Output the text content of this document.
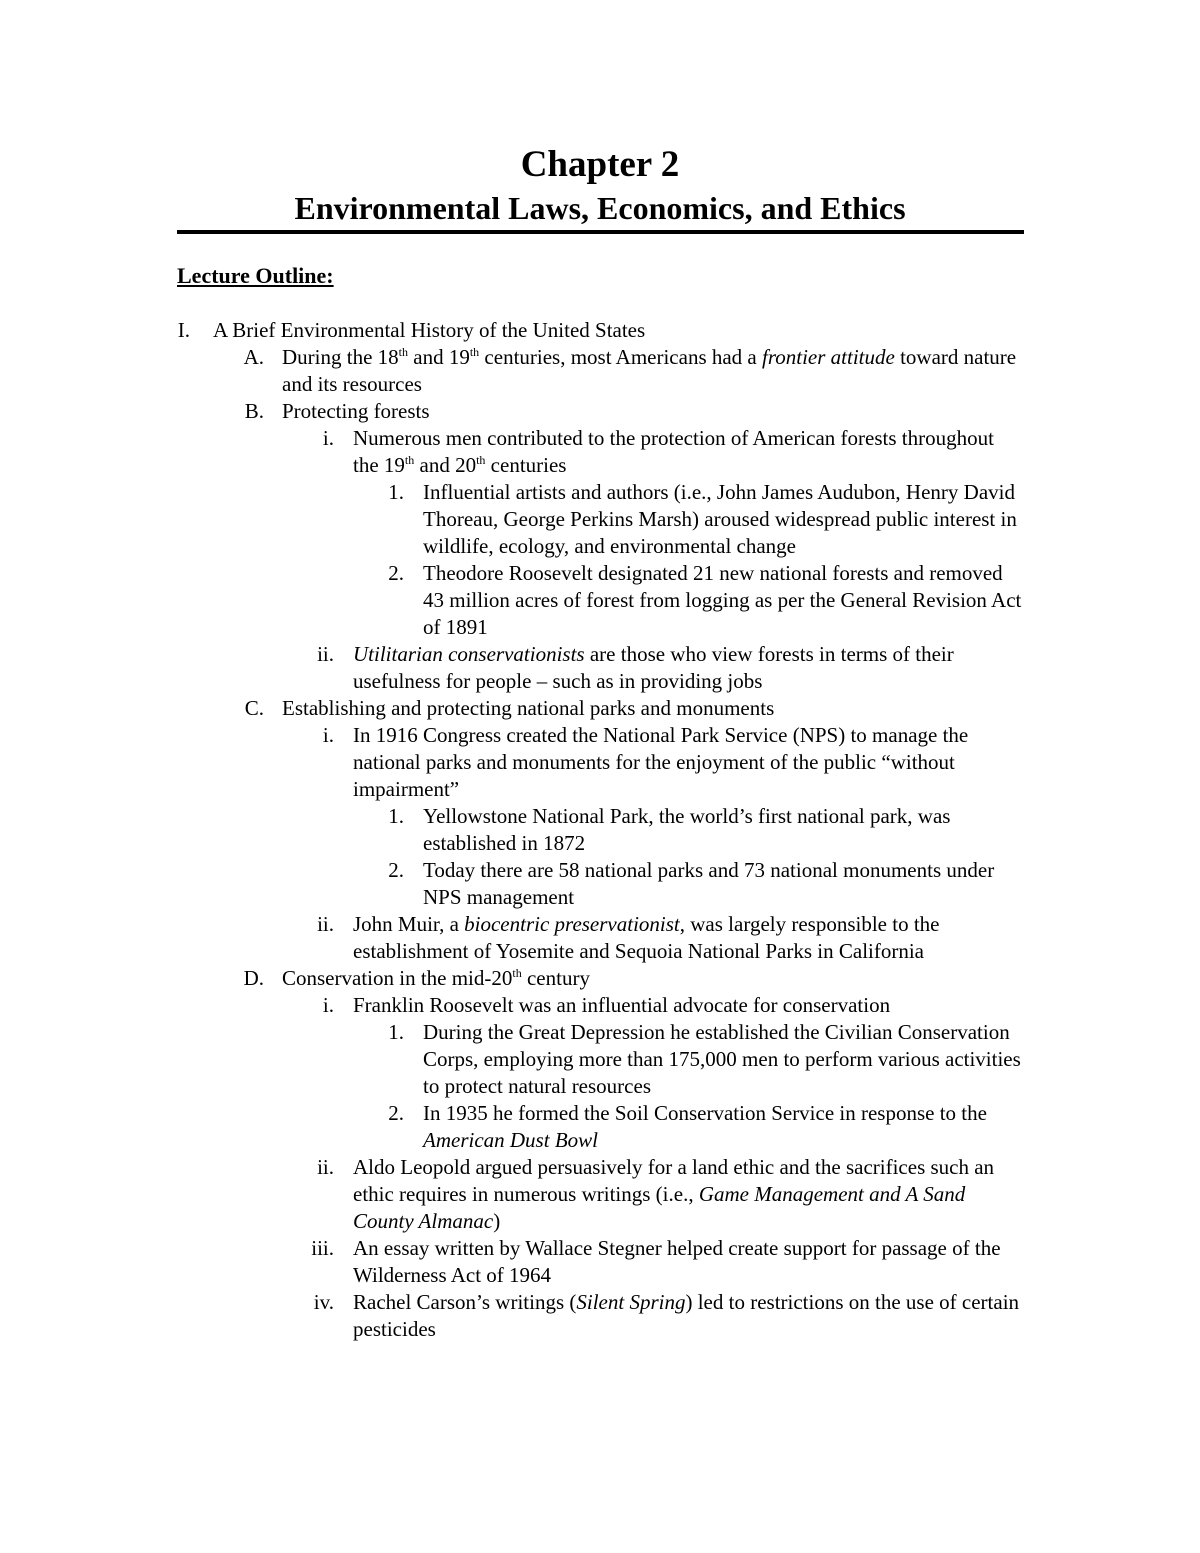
Chapter 2
Environmental Laws, Economics, and Ethics
Lecture Outline:
I. A Brief Environmental History of the United States
A. During the 18th and 19th centuries, most Americans had a frontier attitude toward nature and its resources
B. Protecting forests
i. Numerous men contributed to the protection of American forests throughout the 19th and 20th centuries
1. Influential artists and authors (i.e., John James Audubon, Henry David Thoreau, George Perkins Marsh) aroused widespread public interest in wildlife, ecology, and environmental change
2. Theodore Roosevelt designated 21 new national forests and removed 43 million acres of forest from logging as per the General Revision Act of 1891
ii. Utilitarian conservationists are those who view forests in terms of their usefulness for people – such as in providing jobs
C. Establishing and protecting national parks and monuments
i. In 1916 Congress created the National Park Service (NPS) to manage the national parks and monuments for the enjoyment of the public “without impairment”
1. Yellowstone National Park, the world’s first national park, was established in 1872
2. Today there are 58 national parks and 73 national monuments under NPS management
ii. John Muir, a biocentric preservationist, was largely responsible to the establishment of Yosemite and Sequoia National Parks in California
D. Conservation in the mid-20th century
i. Franklin Roosevelt was an influential advocate for conservation
1. During the Great Depression he established the Civilian Conservation Corps, employing more than 175,000 men to perform various activities to protect natural resources
2. In 1935 he formed the Soil Conservation Service in response to the American Dust Bowl
ii. Aldo Leopold argued persuasively for a land ethic and the sacrifices such an ethic requires in numerous writings (i.e., Game Management and A Sand County Almanac)
iii. An essay written by Wallace Stegner helped create support for passage of the Wilderness Act of 1964
iv. Rachel Carson’s writings (Silent Spring) led to restrictions on the use of certain pesticides
